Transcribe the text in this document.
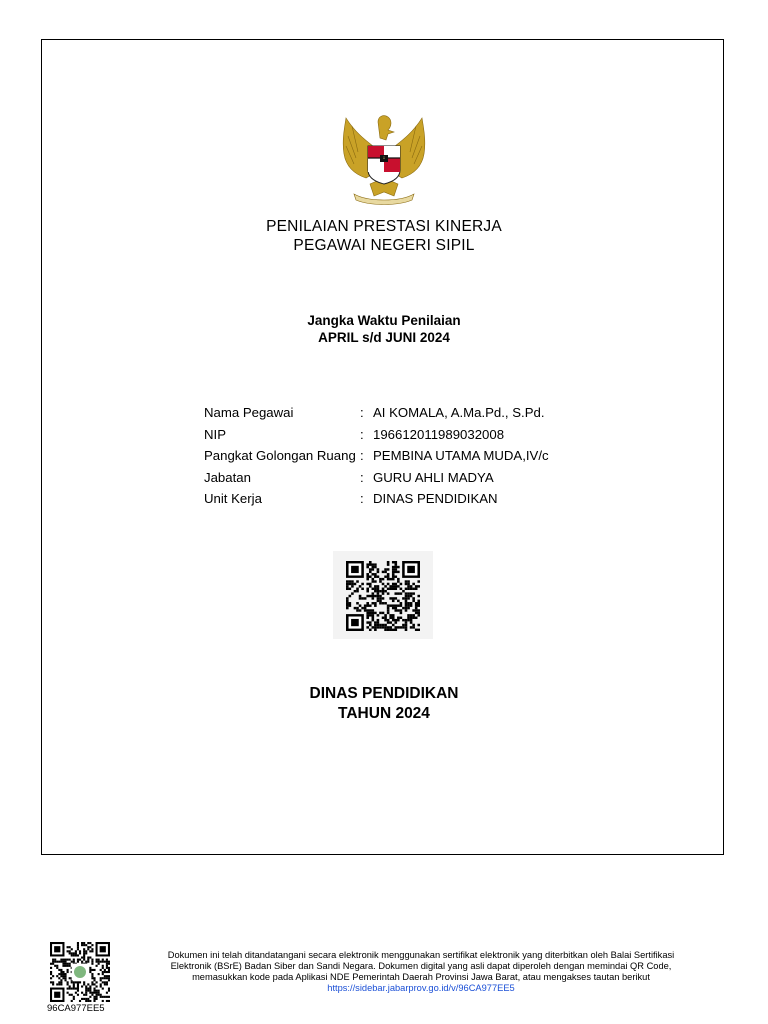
PENILAIAN PRESTASI KINERJA
PEGAWAI NEGERI SIPIL
Jangka Waktu Penilaian
APRIL s/d JUNI 2024
Nama Pegawai	: AI KOMALA, A.Ma.Pd., S.Pd.
NIP	: 196612011989032008
Pangkat Golongan Ruang : PEMBINA UTAMA MUDA,IV/c
Jabatan	: GURU AHLI MADYA
Unit Kerja	: DINAS PENDIDIKAN
DINAS PENDIDIKAN
TAHUN 2024
96CA977EE5
Dokumen ini telah ditandatangani secara elektronik menggunakan sertifikat elektronik yang diterbitkan oleh Balai Sertifikasi
Elektronik (BSrE) Badan Siber dan Sandi Negara. Dokumen digital yang asli dapat diperoleh dengan memindai QR Code,
memasukkan kode pada Aplikasi NDE Pemerintah Daerah Provinsi Jawa Barat, atau mengakses tautan berikut
https://sidebar.jabarprov.go.id/v/96CA977EE5
